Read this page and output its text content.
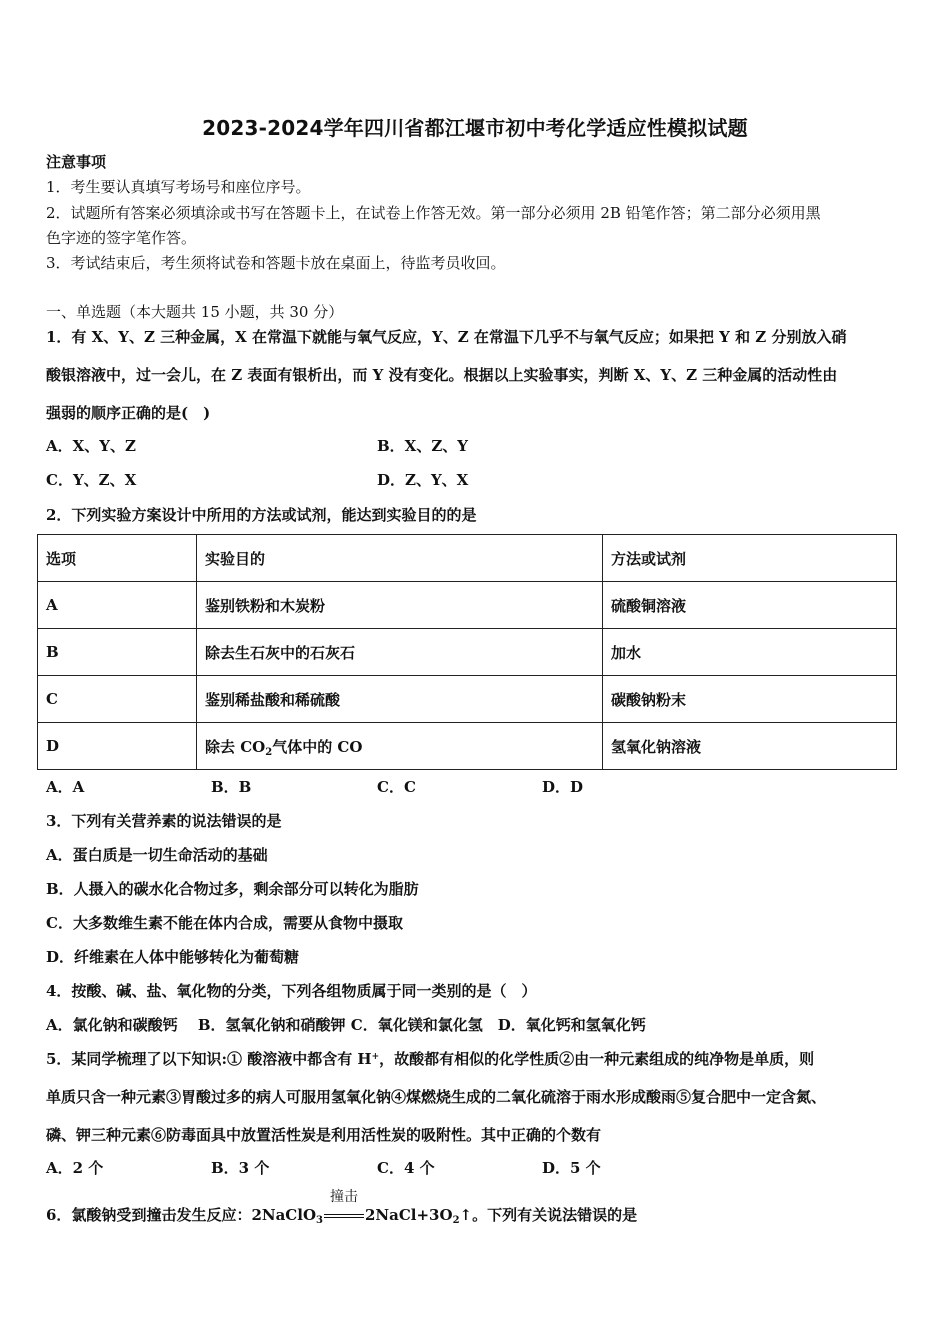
2023-2024学年四川省都江堰市初中考化学适应性模拟试题
注意事项
1．考生要认真填写考场号和座位序号。
2．试题所有答案必须填涂或书写在答题卡上，在试卷上作答无效。第一部分必须用 2B 铅笔作答；第二部分必须用黑
色字迹的签字笔作答。
3．考试结束后，考生须将试卷和答题卡放在桌面上，待监考员收回。
一、单选题（本大题共 15 小题，共 30 分）
1．有 X、Y、Z 三种金属，X 在常温下就能与氧气反应，Y、Z 在常温下几乎不与氧气反应；如果把 Y 和 Z 分别放入硝
酸银溶液中，过一会儿，在 Z 表面有银析出，而 Y 没有变化。根据以上实验事实，判断 X、Y、Z 三种金属的活动性由
强弱的顺序正确的是(　)
A．X、Y、Z	B．X、Z、Y
C．Y、Z、X	D．Z、Y、X
2．下列实验方案设计中所用的方法或试剂，能达到实验目的的是
选项	实验目的	方法或试剂
A	鉴别铁粉和木炭粉	硫酸铜溶液
B	除去生石灰中的石灰石	加水
C	鉴别稀盐酸和稀硫酸	碳酸钠粉末
D	除去 $CO_2$气体中的 CO	氢氧化钠溶液
A．A	B．B	C．C	D．D
3．下列有关营养素的说法错误的是
A．蛋白质是一切生命活动的基础
B．人摄入的碳水化合物过多，剩余部分可以转化为脂肪
C．大多数维生素不能在体内合成，需要从食物中摄取
D．纤维素在人体中能够转化为葡萄糖
4．按酸、碱、盐、氧化物的分类，下列各组物质属于同一类别的是（　）
A．氯化钠和碳酸钙　 B．氢氧化钠和硝酸钾 C．氧化镁和氯化氢　D．氧化钙和氢氧化钙
5．某同学梳理了以下知识:① 酸溶液中都含有 H+，故酸都有相似的化学性质②由一种元素组成的纯净物是单质，则
单质只含一种元素③胃酸过多的病人可服用氢氧化钠④煤燃烧生成的二氧化硫溶于雨水形成酸雨⑤复合肥中一定含氮、
磷、钾三种元素⑥防毒面具中放置活性炭是利用活性炭的吸附性。其中正确的个数有
A．2 个	B．3 个	C．4 个	D．5 个
6．氯酸钠受到撞击发生反应：2NaClO$_3$
撞击
$2NaCl+3O_2↑$。下列有关说法错误的是
